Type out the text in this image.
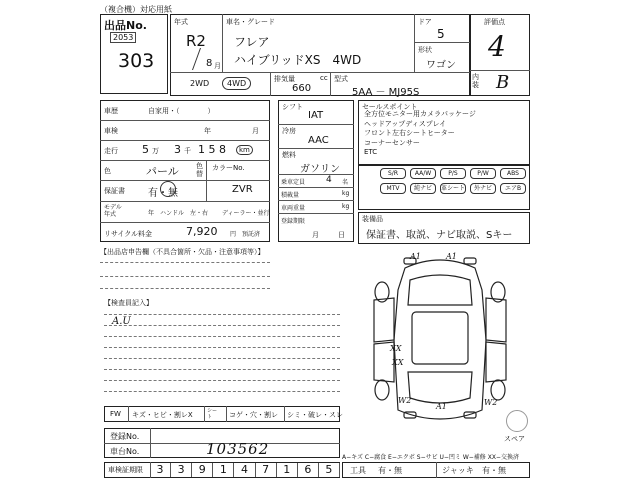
（複合機）対応用紙
出品No.
2053
303
年式
R2
8 月
車名・グレード
フレア
ハイブリッドXS　4WD
ドア
5
形状
ワゴン
2WD	4WD	排気量
660
cc 型式
5AA － MJ95S
評価点
4
内装 B
車歴	自家用・（　　　　）
車検	年	月
走行 5 万 3 千 1 5 8	km
色	パール 色替
カラーNo.
保証書 有・無	ZVR
モデル年式	年　ハンドル　左・右 ディーラー・並行
リサイクル料金	7,920 円　預託済
シフト
IAT
冷房
AAC
燃料
ガソリン
乗車定員 4 名
積載量	kg
車両重量	kg
登録期限
月	日
セールスポイント
全方位モニター用カメラパッケージ
ヘッドアップディスプレイ
フロント左右シートヒーター
コーナーセンサー
ETC
S/R	AA/W	P/S	P/W	ABS
MTV	純ナビ	革シート	外ナビ	エアB
装備品
保証書、取説、ナビ取説、Sキー
【出品店申告欄（不具合箇所・欠品・注意事項等）】
【検査員記入】
A.U
A1	A1
XX
XX
W2	W2
A1
スペア
FW キズ・ヒビ・割レX	シート	コゲ・穴・割レ シミ・破レ・スレ
登録No.
車台No.	103562
車検証期限	3	3	9	1	4	7	1	6	5
A−キズ C−腐食 E−エクボ S−サビ U−凹ミ W−補修 XX−交換済
工具 有・無	ジャッキ 有・無
